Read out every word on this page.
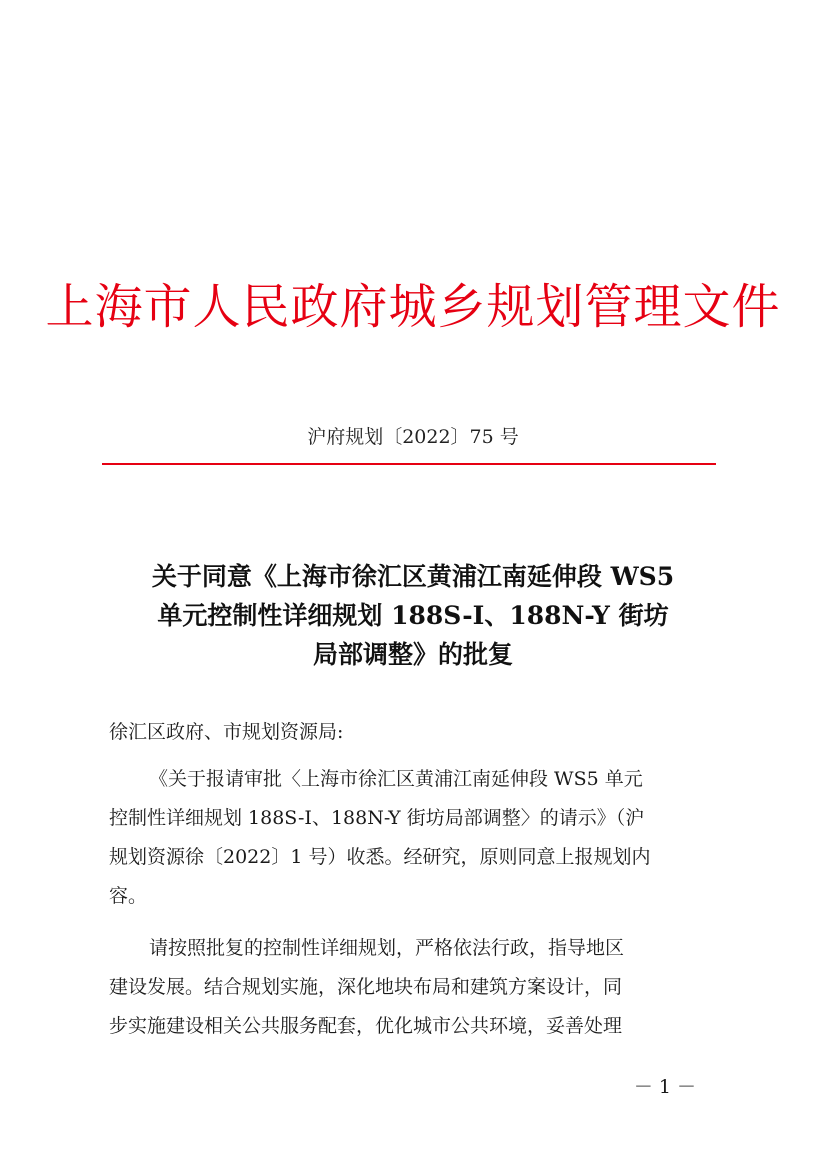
上海市人民政府城乡规划管理文件
沪府规划〔2022〕75 号
关于同意《上海市徐汇区黄浦江南延伸段 WS5
单元控制性详细规划 188S-I、188N-Y 街坊
局部调整》的批复
徐汇区政府、市规划资源局:
《关于报请审批〈上海市徐汇区黄浦江南延伸段 WS5 单元
控制性详细规划 188S-I、188N-Y 街坊局部调整〉的请示》（沪
规划资源徐〔2022〕1 号）收悉。经研究，原则同意上报规划内
容。
请按照批复的控制性详细规划，严格依法行政，指导地区
建设发展。结合规划实施，深化地块布局和建筑方案设计，同
步实施建设相关公共服务配套，优化城市公共环境，妥善处理
－ 1 －
